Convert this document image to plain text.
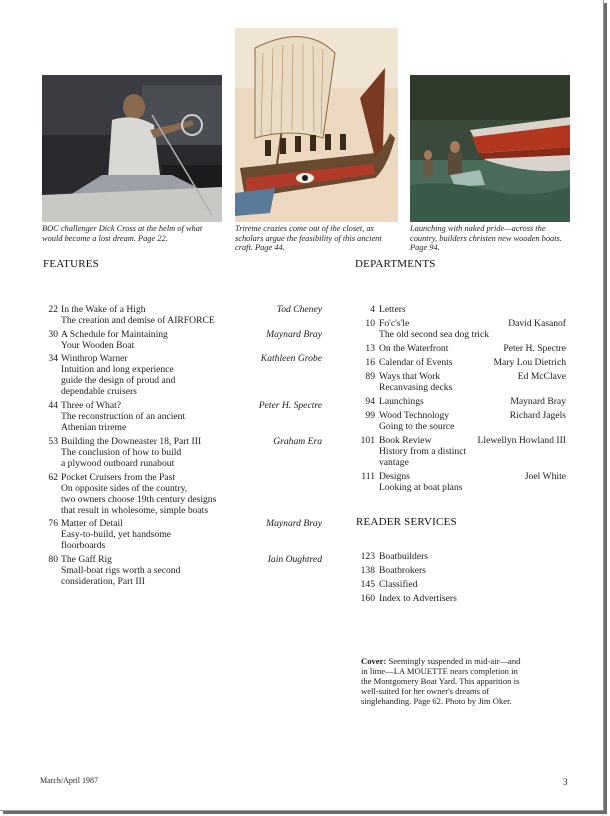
BOC challenger Dick Cross at the helm of what would become a lost dream. Page 22.
Trireme crazies come out of the closet, as scholars argue the feasibility of this ancient craft. Page 44.
Launching with naked pride—across the country, builders christen new wooden boats. Page 94.
FEATURES	DEPARTMENTS
READER SERVICES
22 In the Wake of a High	Tod Cheney
The creation and demise of AIRFORCE
30 A Schedule for Maintaining	Maynard Bray
Your Wooden Boat
34 Winthrop Warner	Kathleen Grobe
Intuition and long experience
guide the design of proud and
dependable cruisers
44 Three of What?	Peter H. Spectre
The reconstruction of an ancient
Athenian trireme
53 Building the Downeaster 18, Part III	Graham Era
The conclusion of how to build
a plywood outboard runabout
62 Pocket Cruisers from the Past
On opposite sides of the country,
two owners choose 19th century designs
that result in wholesome, simple boats
76 Matter of Detail	Maynard Bray
Easy-to-build, yet handsome
floorboards
80 The Gaff Rig	Iain Oughtred
Small-boat rigs worth a second
consideration, Part III
4 Letters
10 Fo'c's'le	David Kasanof
The old second sea dog trick
13 On the Waterfront	Peter H. Spectre
16 Calendar of Events	Mary Lou Dietrich
89 Ways that Work	Ed McClave
Recanvasing decks
94 Launchings	Maynard Bray
99 Wood Technology	Richard Jagels
Going to the source
101 Book Review	Llewellyn Howland III
History from a distinct
vantage
111 Designs	Joel White
Looking at boat plans
123 Boatbuilders
138 Boatbrokers
145 Classified
160 Index to Advertisers
Cover: Seemingly suspended in mid-air—and in lime—LA MOUETTE nears completion in the Montgomery Boat Yard. This apparition is well-suited for her owner's dreams of singlehanding. Page 62. Photo by Jim Oker.
March/April 1987	3
